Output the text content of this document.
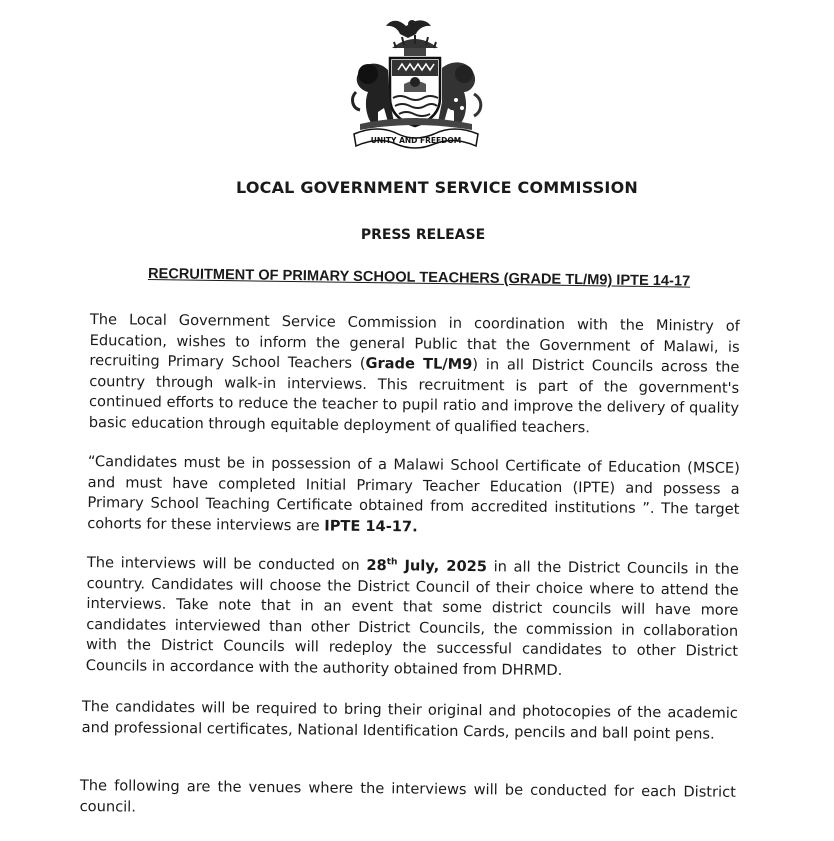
UNITY AND FREEDOM
LOCAL GOVERNMENT SERVICE COMMISSION
PRESS RELEASE
RECRUITMENT OF PRIMARY SCHOOL TEACHERS (GRADE TL/M9) IPTE 14-17

The Local Government Service Commission in coordination with the Ministry of Education, wishes to inform the general Public that the Government of Malawi, is recruiting Primary School Teachers (Grade TL/M9) in all District Councils across the country through walk-in interviews. This recruitment is part of the government's continued efforts to reduce the teacher to pupil ratio and improve the delivery of quality basic education through equitable deployment of qualified teachers.

“Candidates must be in possession of a Malawi School Certificate of Education (MSCE) and must have completed Initial Primary Teacher Education (IPTE) and possess a Primary School Teaching Certificate obtained from accredited institutions ”. The target cohorts for these interviews are IPTE 14-17.

The interviews will be conducted on 28th July, 2025 in all the District Councils in the country. Candidates will choose the District Council of their choice where to attend the interviews. Take note that in an event that some district councils will have more candidates interviewed than other District Councils, the commission in collaboration with the District Councils will redeploy the successful candidates to other District Councils in accordance with the authority obtained from DHRMD.

The candidates will be required to bring their original and photocopies of the academic and professional certificates, National Identification Cards, pencils and ball point pens.

The following are the venues where the interviews will be conducted for each District council.
